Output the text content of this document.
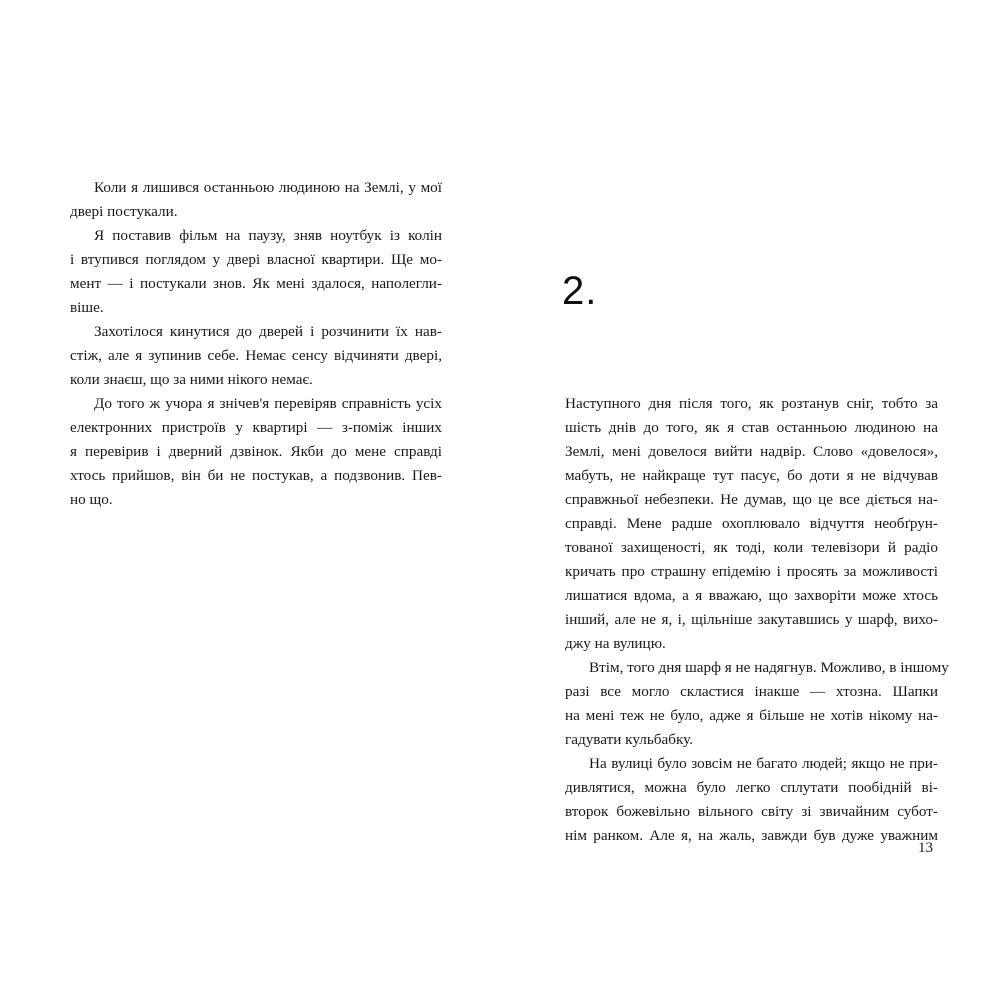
Коли я лишився останньою людиною на Землі, у мої
двері постукали.
Я поставив фільм на паузу, зняв ноутбук із колін
і втупився поглядом у двері власної квартири. Ще мо-
мент — і постукали знов. Як мені здалося, наполегли-
віше.
Захотілося кинутися до дверей і розчинити їх нав-
стіж, але я зупинив себе. Немає сенсу відчиняти двері,
коли знаєш, що за ними нікого немає.
До того ж учора я знічев'я перевіряв справність усіх
електронних пристроїв у квартирі — з-поміж інших
я перевірив і дверний дзвінок. Якби до мене справді
хтось прийшов, він би не постукав, а подзвонив. Пев-
но що.
2.
Наступного дня після того, як розтанув сніг, тобто за
шість днів до того, як я став останньою людиною на
Землі, мені довелося вийти надвір. Слово «довелося»,
мабуть, не найкраще тут пасує, бо доти я не відчував
справжньої небезпеки. Не думав, що це все діється на-
справді. Мене радше охоплювало відчуття необґрун-
тованої захищеності, як тоді, коли телевізори й радіо
кричать про страшну епідемію і просять за можливості
лишатися вдома, а я вважаю, що захворіти може хтось
інший, але не я, і, щільніше закутавшись у шарф, вихо-
джу на вулицю.
Втім, того дня шарф я не надягнув. Можливо, в іншому
разі все могло скластися інакше — хтозна. Шапки
на мені теж не було, адже я більше не хотів нікому на-
гадувати кульбабку.
На вулиці було зовсім не багато людей; якщо не при-
дивлятися, можна було легко сплутати пообідній ві-
второк божевільно вільного світу зі звичайним субот-
нім ранком. Але я, на жаль, завжди був дуже уважним
13
